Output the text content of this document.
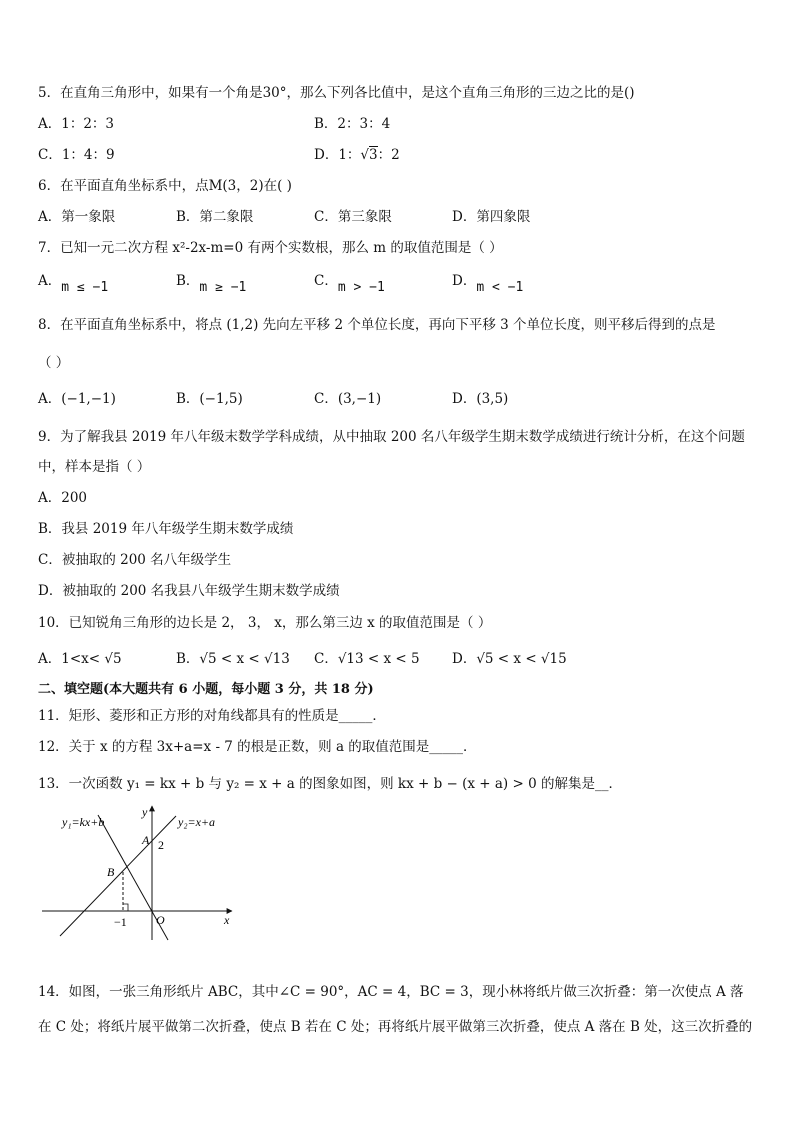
5．在直角三角形中，如果有一个角是30°，那么下列各比值中，是这个直角三角形的三边之比的是()
A．1：2：3	B．2：3：4
C．1：4：9	D．1：√3：2
6．在平面直角坐标系中，点M(3，2)在( )
A．第一象限	B．第二象限	C．第三象限	D．第四象限
7．已知一元二次方程 x²-2x-m=0 有两个实数根，那么 m 的取值范围是（ ）
A．m ≤ −1	B．m ≥ −1	C．m > −1	D．m < −1
8．在平面直角坐标系中，将点 (1,2) 先向左平移 2 个单位长度，再向下平移 3 个单位长度，则平移后得到的点是
（ ）
A．(−1,−1)	B．(−1,5)	C．(3,−1)	D．(3,5)
9．为了解我县 2019 年八年级末数学学科成绩，从中抽取 200 名八年级学生期末数学成绩进行统计分析，在这个问题
中，样本是指（ ）
A．200
B．我县 2019 年八年级学生期末数学成绩
C．被抽取的 200 名八年级学生
D．被抽取的 200 名我县八年级学生期末数学成绩
10．已知锐角三角形的边长是 2， 3， x，那么第三边 x 的取值范围是（ ）
A．1<x< √5	B．√5 < x < √13 C．√13 < x < 5 D．√5 < x < √15
二、填空题(本大题共有 6 小题，每小题 3 分，共 18 分)
11．矩形、菱形和正方形的对角线都具有的性质是_____．
12．关于 x 的方程 3x+a=x - 7 的根是正数，则 a 的取值范围是_____．
13．一次函数 y₁ = kx + b 与 y₂ = x + a 的图象如图，则 kx + b − (x + a) > 0 的解集是__．
y₁=kx+b	y₂=x+a
y
x
A 2
B
O
−1
14．如图，一张三角形纸片 ABC，其中∠C = 90°，AC = 4，BC = 3，现小林将纸片做三次折叠：第一次使点 A 落
在 C 处；将纸片展平做第二次折叠，使点 B 若在 C 处；再将纸片展平做第三次折叠，使点 A 落在 B 处，这三次折叠的
